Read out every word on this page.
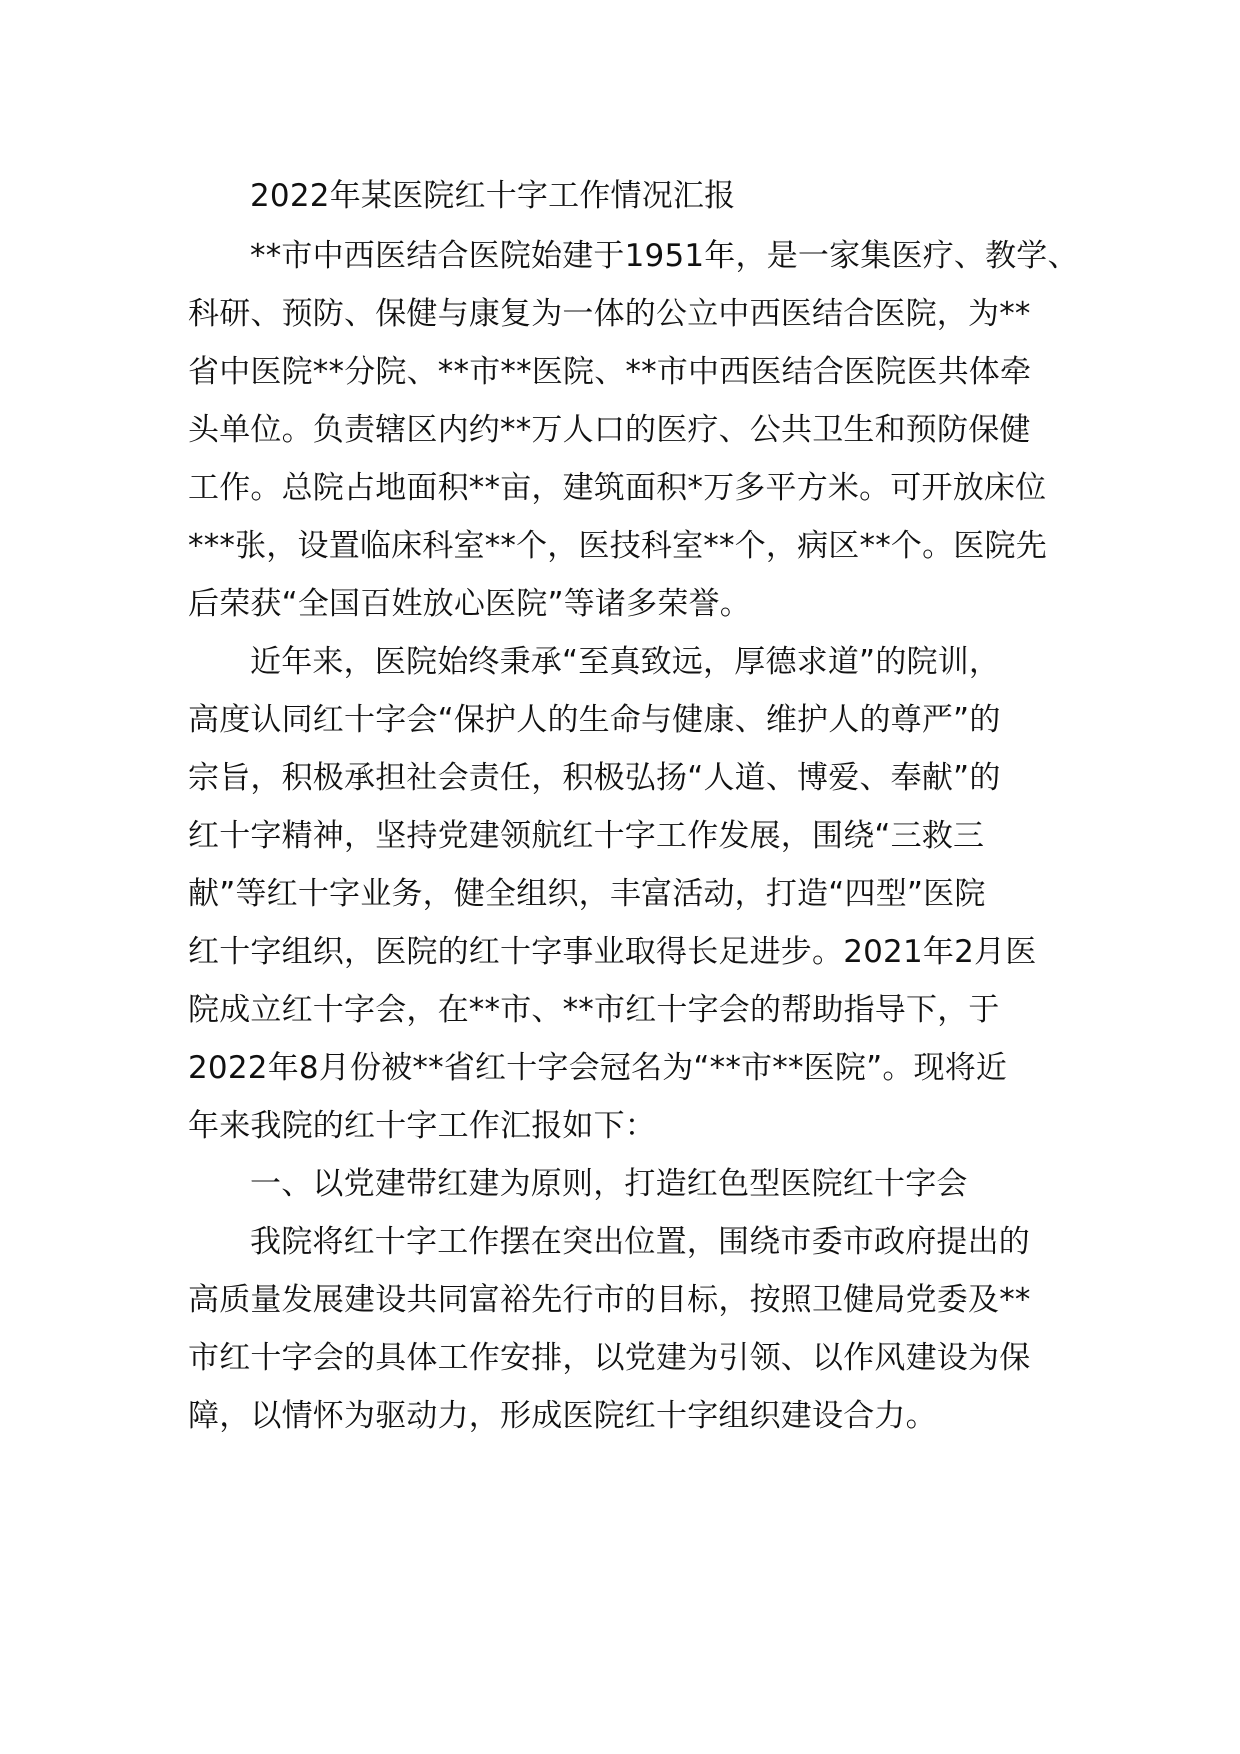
2022年某医院红十字工作情况汇报
**市中西医结合医院始建于1951年，是一家集医疗、教学、
科研、预防、保健与康复为一体的公立中西医结合医院，为**
省中医院**分院、**市**医院、**市中西医结合医院医共体牵
头单位。负责辖区内约**万人口的医疗、公共卫生和预防保健
工作。总院占地面积**亩，建筑面积*万多平方米。可开放床位
***张，设置临床科室**个，医技科室**个，病区**个。医院先
后荣获“全国百姓放心医院”等诸多荣誉。
近年来，医院始终秉承“至真致远，厚德求道”的院训，
高度认同红十字会“保护人的生命与健康、维护人的尊严”的
宗旨，积极承担社会责任，积极弘扬“人道、博爱、奉献”的
红十字精神，坚持党建领航红十字工作发展，围绕“三救三
献”等红十字业务，健全组织，丰富活动，打造“四型”医院
红十字组织，医院的红十字事业取得长足进步。2021年2月医
院成立红十字会，在**市、**市红十字会的帮助指导下，于
2022年8月份被**省红十字会冠名为“**市**医院”。现将近
年来我院的红十字工作汇报如下：
一、以党建带红建为原则，打造红色型医院红十字会
我院将红十字工作摆在突出位置，围绕市委市政府提出的
高质量发展建设共同富裕先行市的目标，按照卫健局党委及**
市红十字会的具体工作安排，以党建为引领、以作风建设为保
障，以情怀为驱动力，形成医院红十字组织建设合力。
